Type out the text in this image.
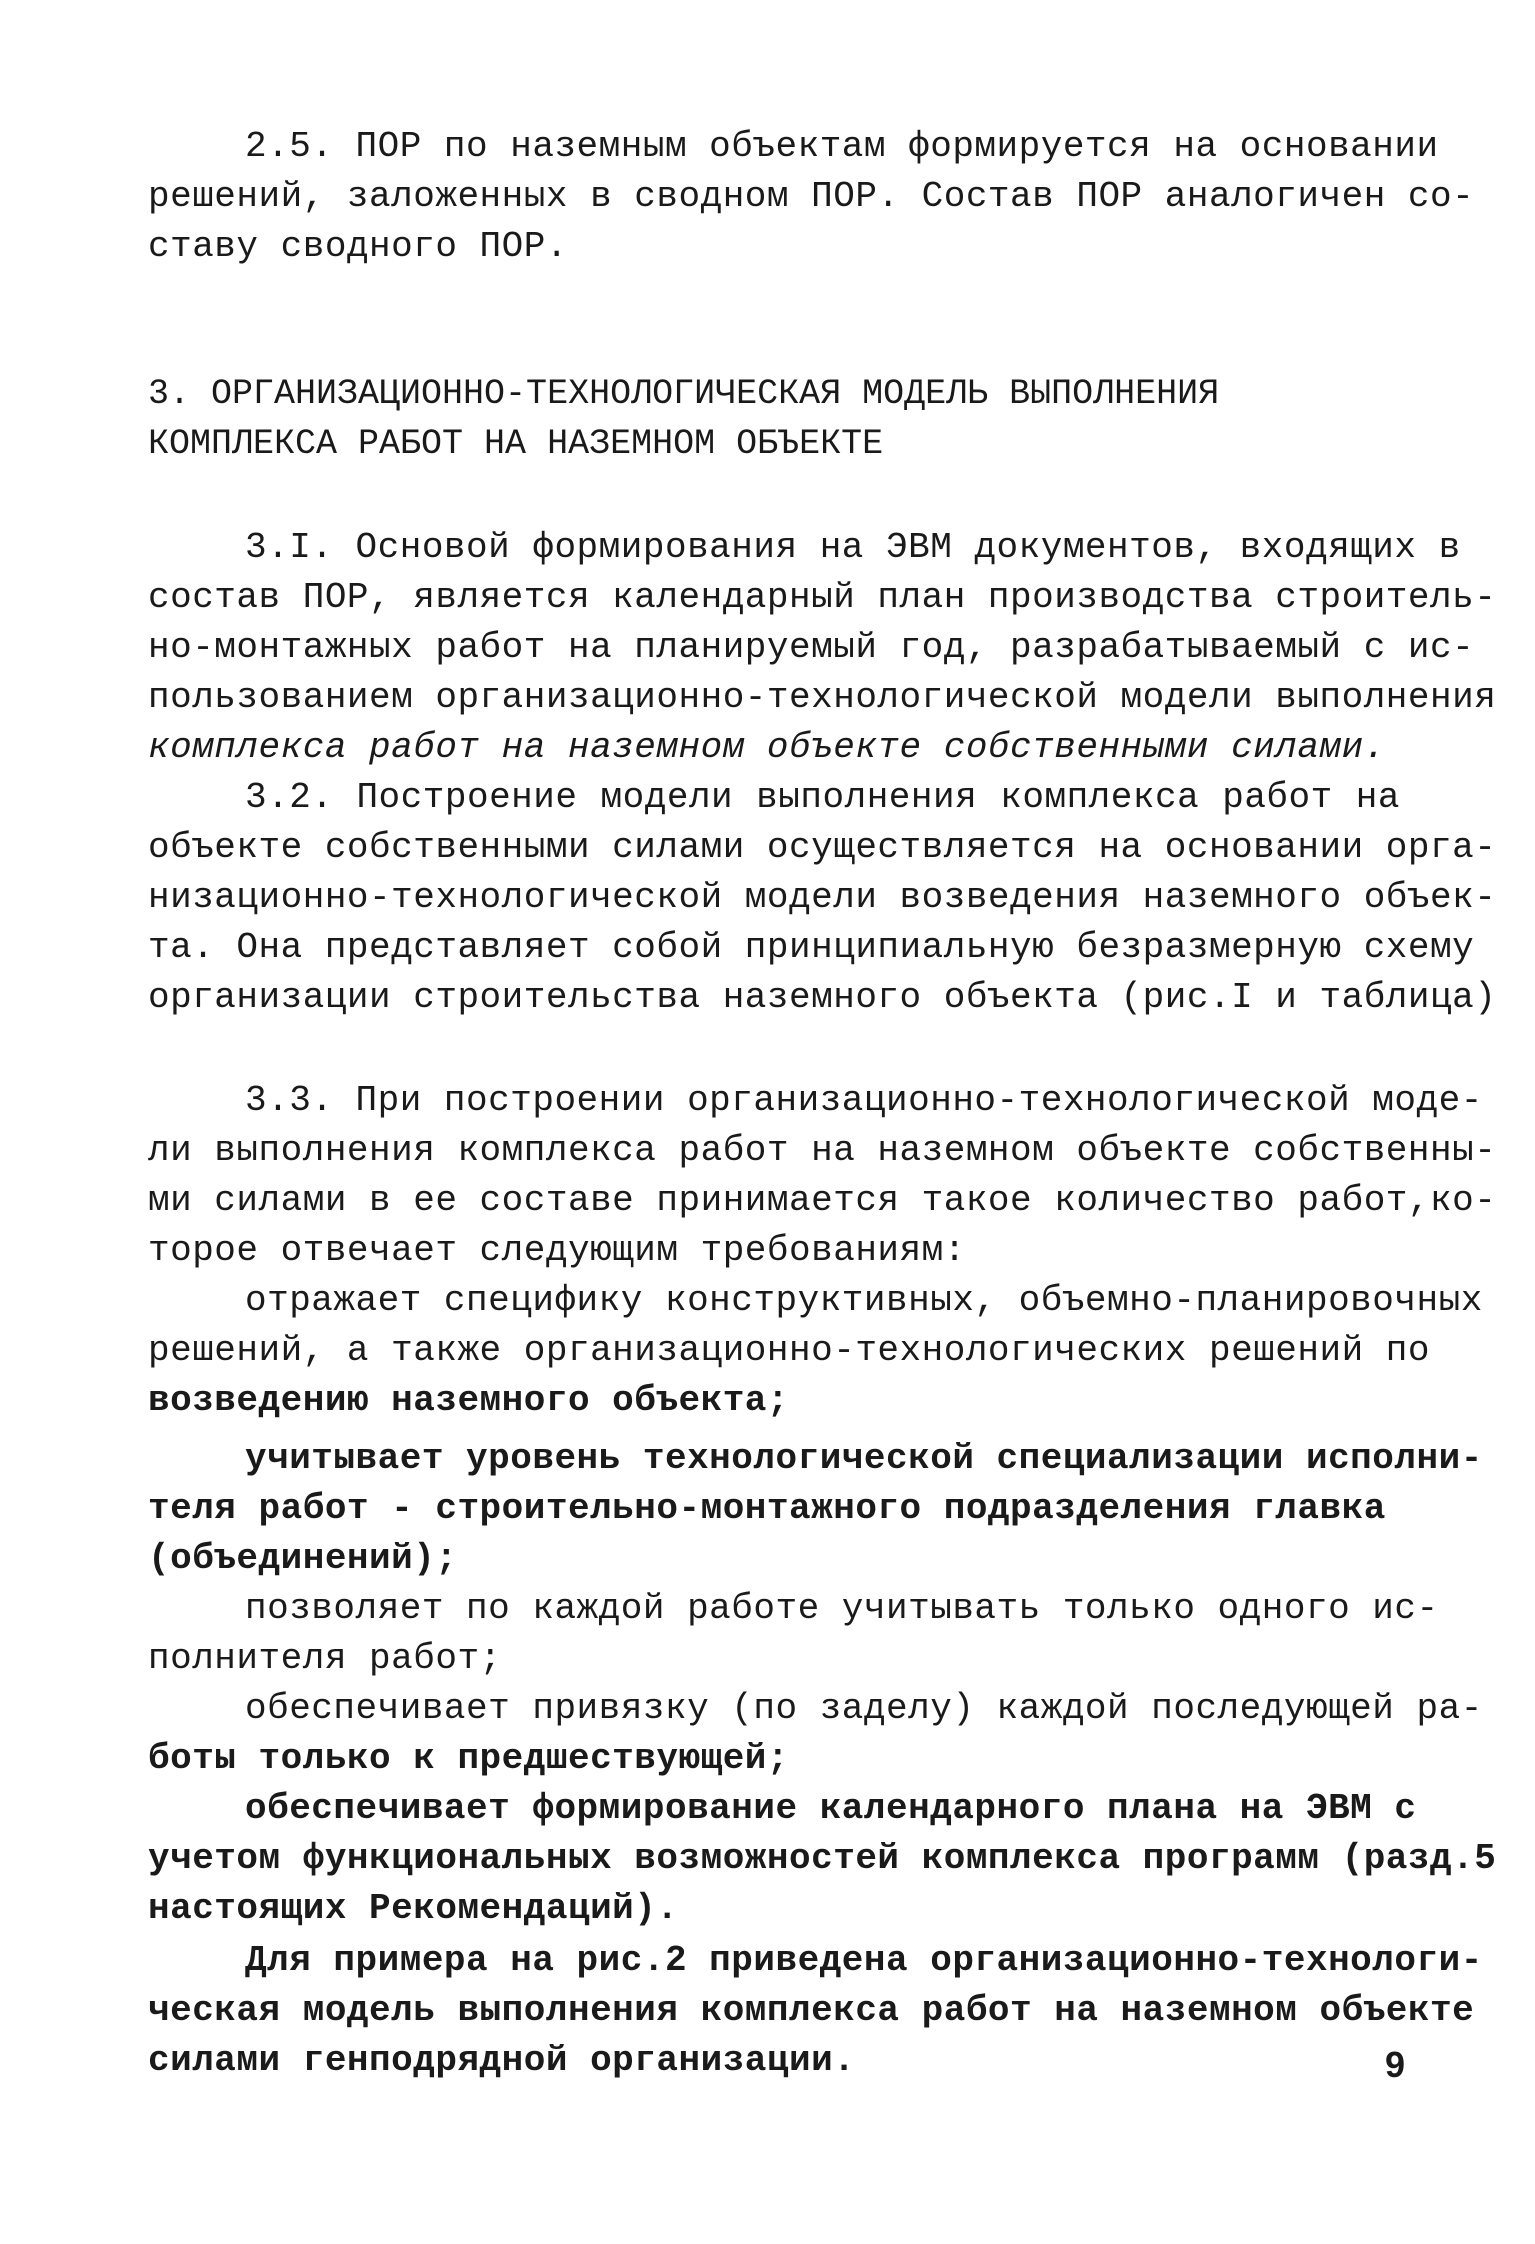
2.5. ПОР по наземным объектам формируется на основании
решений, заложенных в сводном ПОР. Состав ПОР аналогичен со-
ставу сводного ПОР.
3. ОРГАНИЗАЦИОННО-ТЕХНОЛОГИЧЕСКАЯ МОДЕЛЬ ВЫПОЛНЕНИЯ
КОМПЛЕКСА РАБОТ НА НАЗЕМНОМ ОБЪЕКТЕ
3.I. Основой формирования на ЭВМ документов, входящих в
состав ПОР, является календарный план производства строитель-
но-монтажных работ на планируемый год, разрабатываемый с ис-
пользованием организационно-технологической модели выполнения
комплекса работ на наземном объекте собственными силами.
3.2. Построение модели выполнения комплекса работ на
объекте собственными силами осуществляется на основании орга-
низационно-технологической модели возведения наземного объек-
та. Она представляет собой принципиальную безразмерную схему
организации строительства наземного объекта (рис.I и таблица)
3.3. При построении организационно-технологической моде-
ли выполнения комплекса работ на наземном объекте собственны-
ми силами в ее составе принимается такое количество работ,ко-
торое отвечает следующим требованиям:
отражает специфику конструктивных, объемно-планировочных
решений, а также организационно-технологических решений по
возведению наземного объекта;
учитывает уровень технологической специализации исполни-
теля работ - строительно-монтажного подразделения главка
(объединений);
позволяет по каждой работе учитывать только одного ис-
полнителя работ;
обеспечивает привязку (по заделу) каждой последующей ра-
боты только к предшествующей;
обеспечивает формирование календарного плана на ЭВМ с
учетом функциональных возможностей комплекса программ (разд.5
настоящих Рекомендаций).
Для примера на рис.2 приведена организационно-технологи-
ческая модель выполнения комплекса работ на наземном объекте
силами генподрядной организации.	9
